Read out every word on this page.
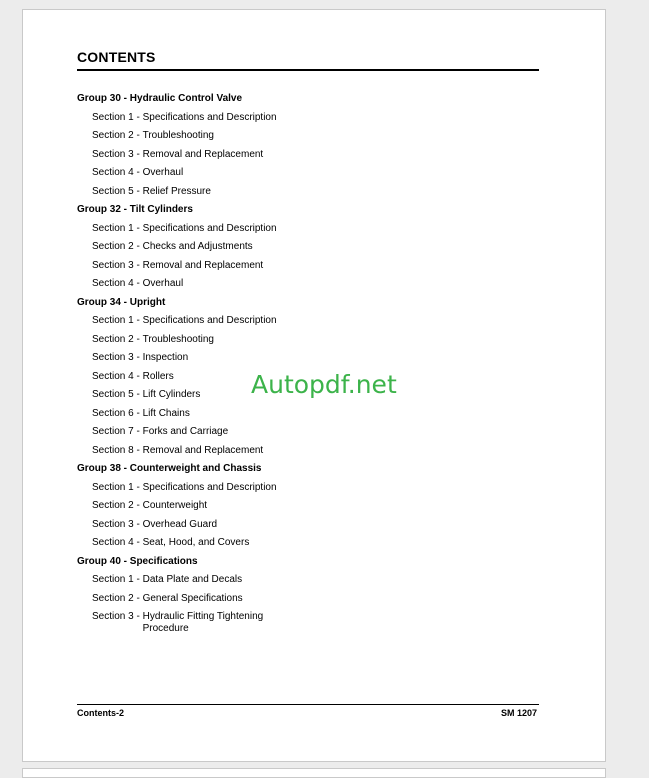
CONTENTS
Group 30 - Hydraulic Control Valve
Section 1 - Specifications and Description
Section 2 - Troubleshooting
Section 3 - Removal and Replacement
Section 4 - Overhaul
Section 5 - Relief Pressure
Group 32 - Tilt Cylinders
Section 1 - Specifications and Description
Section 2 - Checks and Adjustments
Section 3 - Removal and Replacement
Section 4 - Overhaul
Group 34 - Upright
Section 1 - Specifications and Description
Section 2 - Troubleshooting
Section 3 - Inspection
Section 4 - Rollers
Section 5 - Lift Cylinders
Section 6 - Lift Chains
Section 7 - Forks and Carriage
Section 8 - Removal and Replacement
Group 38 - Counterweight and Chassis
Section 1 - Specifications and Description
Section 2 - Counterweight
Section 3 - Overhead Guard
Section 4 - Seat, Hood, and Covers
Group 40 - Specifications
Section 1 - Data Plate and Decals
Section 2 - General Specifications
Section 3 - Hydraulic Fitting Tightening Procedure
Autopdf.net
Contents-2	SM 1207
